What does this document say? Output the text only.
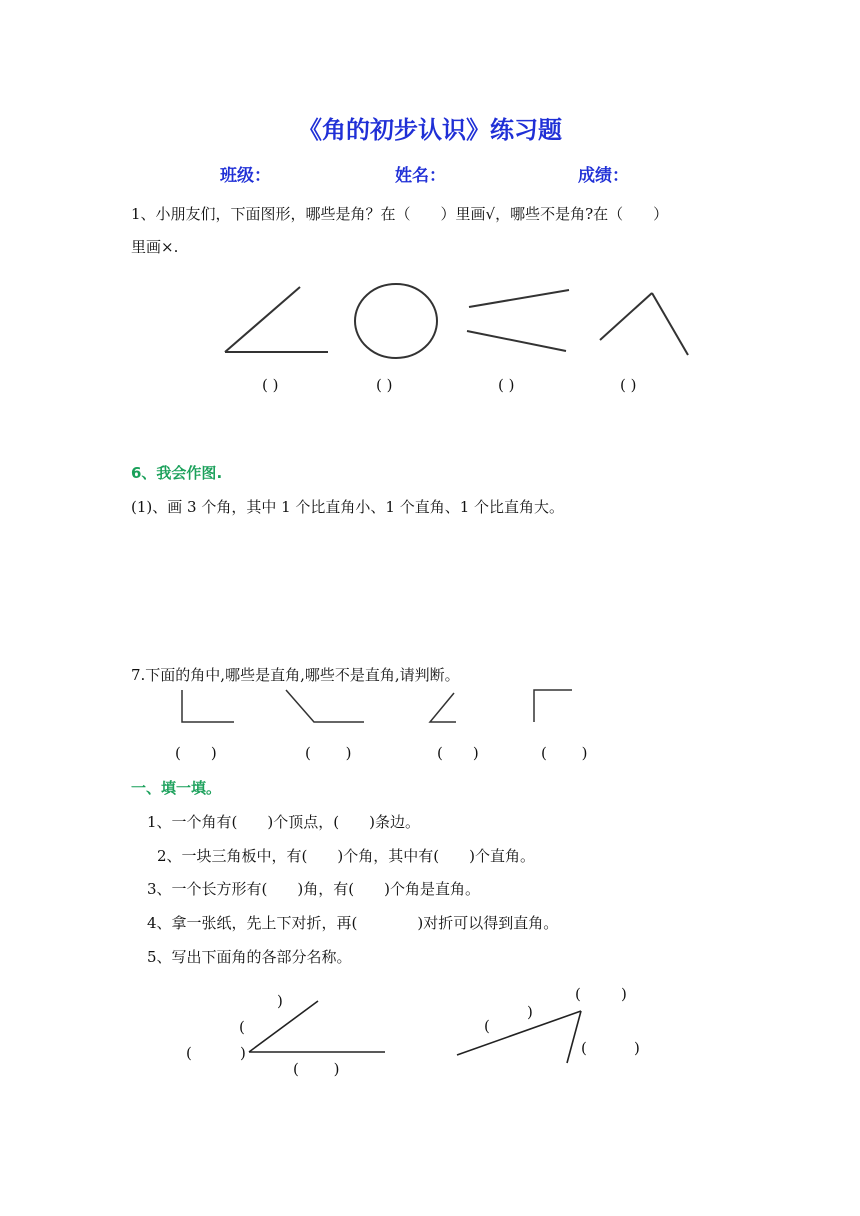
《角的初步认识》练习题
班级：	姓名：	成绩：
1、小朋友们，下面图形，哪些是角？在（　　）里画√，哪些不是角?在（　　）
里画×.
( )	( )	( )	( )
6、我会作图.
(1)、画 3 个角，其中 1 个比直角小、1 个直角、1 个比直角大。
7.下面的角中,哪些是直角,哪些不是直角,请判断。
(　　)	(　　 )	(　　)	(　　 )
一、填一填。
1、一个角有(　　)个顶点，(　　)条边。
2、一块三角板中，有(　　)个角，其中有(　　)个直角。
3、一个长方形有(　　)角，有(　　)个角是直角。
4、拿一张纸，先上下对折，再(　　　　)对折可以得到直角。
5、写出下面角的各部分名称。
)
(
(	)
(　　 )
(	)
)
(
(	)
